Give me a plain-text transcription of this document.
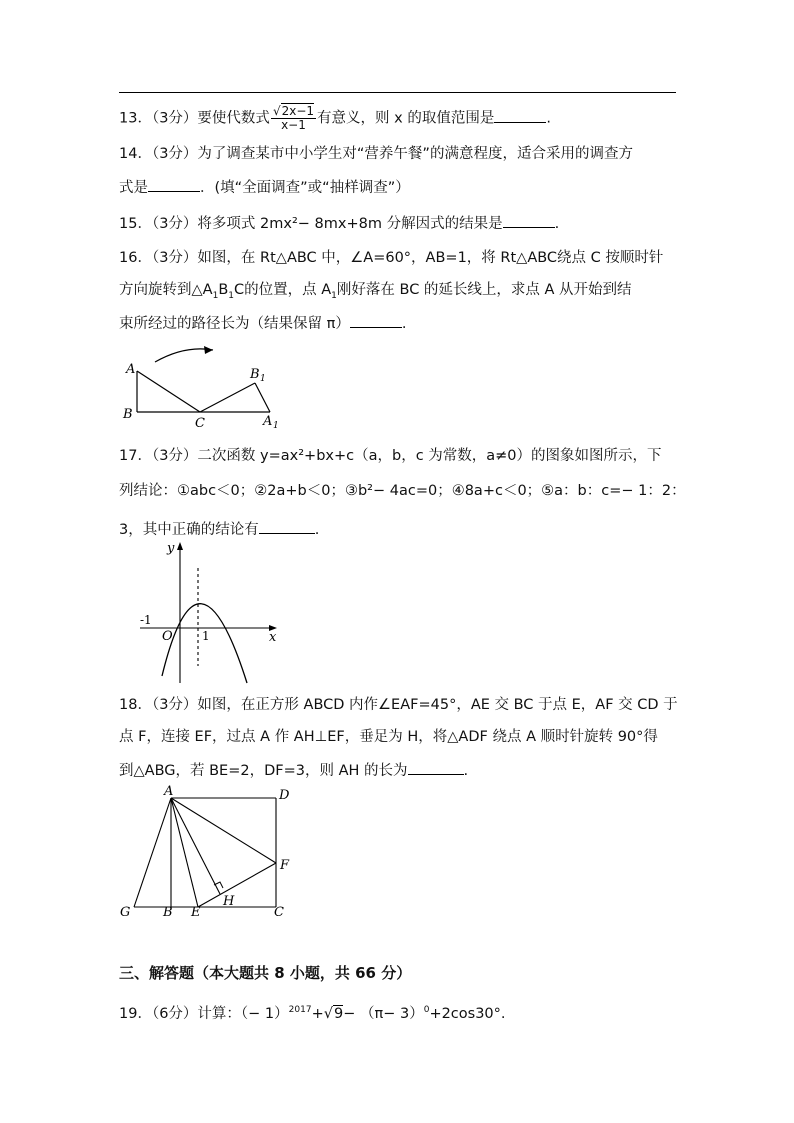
13．（3分）要使代数式 $\frac{√2x-1}{x-1}$ 有意义，则 x 的取值范围是	.
14．（3分）为了调查某市中小学生对“营养午餐”的满意程度，适合采用的调查方
式是	．(填“全面调查”或“抽样调查”）
15．（3分）将多项式 2mx²− 8mx+8m 分解因式的结果是	.
16．（3分）如图，在 Rt△ABC 中，∠A=60°，AB=1，将 Rt△ABC绕点 C 按顺时针
方向旋转到$\triangle A_1B_1C$的位置，点 $A_1$刚好落在 BC 的延长线上，求点 A 从开始到结
束所经过的路径长为（结果保留 π）	.
A
B
C
B 1
A 1
17．（3分）二次函数 y=ax²+bx+c（a，b，c 为常数，a≠0）的图象如图所示，下
列结论：①abc＜0；②2a+b＜0；③b²− 4ac=0；④8a+c＜0；⑤a：b：c=− 1：2：
3，其中正确的结论有	.
y
x
-1
O 1
18．（3分）如图，在正方形 ABCD 内作∠EAF=45°，AE 交 BC 于点 E，AF 交 CD 于
点 F，连接 EF，过点 A 作 AH⊥EF，垂足为 H，将△ADF 绕点 A 顺时针旋转 90°得
到△ABG，若 BE=2，DF=3，则 AH 的长为	.
A	D
F
H
G	B E	C
三、解答题（本大题共 8 小题，共 66 分）
19．（6分）计算：（− $1)^{2017}+√9- (\pi- 3)^0+2\cos 30^\circ$.
